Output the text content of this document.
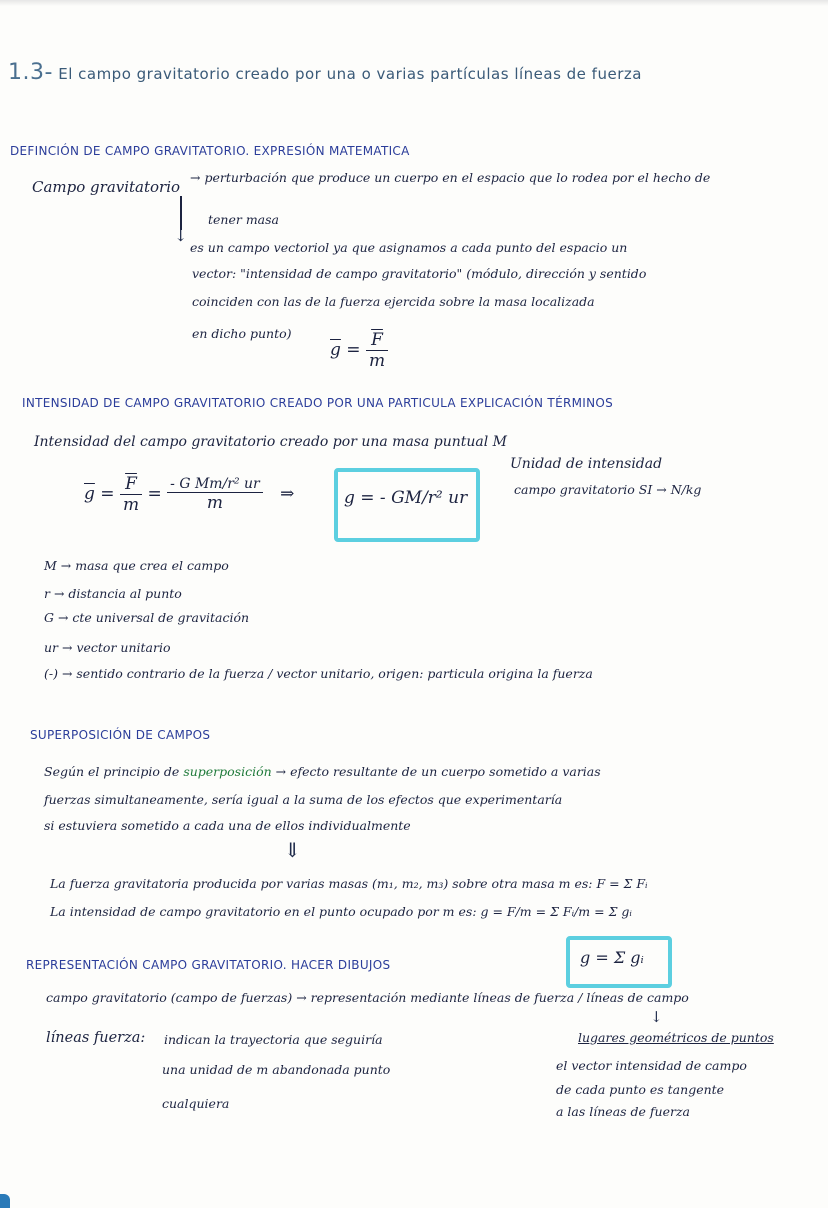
1.3- El campo gravitatorio creado por una o varias partículas líneas de fuerza
DEFINCIÓN DE CAMPO GRAVITATORIO. EXPRESIÓN MATEMATICA
Campo gravitatorio
→ perturbación que produce un cuerpo en el espacio que lo rodea por el hecho de
tener masa
↓
es un campo vectoriol ya que asignamos a cada punto del espacio un
vector: "intensidad de campo gravitatorio" (módulo, dirección y sentido
coinciden con las de la fuerza ejercida sobre la masa localizada
en dicho punto)
$\overline{g} = \frac{\overline{F}}{m}$
INTENSIDAD DE CAMPO GRAVITATORIO CREADO POR UNA PARTICULA EXPLICACIÓN TÉRMINOS
Intensidad del campo gravitatorio creado por una masa puntual M
$\overline{g} = \frac{\overline{F}}{m} = \frac{\text{- G Mm/r² ur}}{m}$ ⇒	g = - GM/r² ur
Unidad de intensidad
campo gravitatorio SI → N/kg
M → masa que crea el campo
r → distancia al punto
G → cte universal de gravitación
ur → vector unitario
(-) → sentido contrario de la fuerza / vector unitario, origen: particula origina la fuerza
SUPERPOSICIÓN DE CAMPOS
Según el principio de superposición → efecto resultante de un cuerpo sometido a varias
fuerzas simultaneamente, sería igual a la suma de los efectos que experimentaría
si estuviera sometido a cada una de ellos individualmente
⇓
La fuerza gravitatoria producida por varias masas (m₁, m₂, m₃) sobre otra masa m es: F = Σ Fᵢ
La intensidad de campo gravitatorio en el punto ocupado por m es: g = F/m = Σ Fᵢ/m = Σ gᵢ
g = Σ gᵢ
REPRESENTACIÓN CAMPO GRAVITATORIO. HACER DIBUJOS
campo gravitatorio (campo de fuerzas) → representación mediante líneas de fuerza / líneas de campo
↓
líneas fuerza: indican la trayectoria que seguiría
una unidad de m abandonada punto
cualquiera
lugares geométricos de puntos
el vector intensidad de campo
de cada punto es tangente
a las líneas de fuerza
